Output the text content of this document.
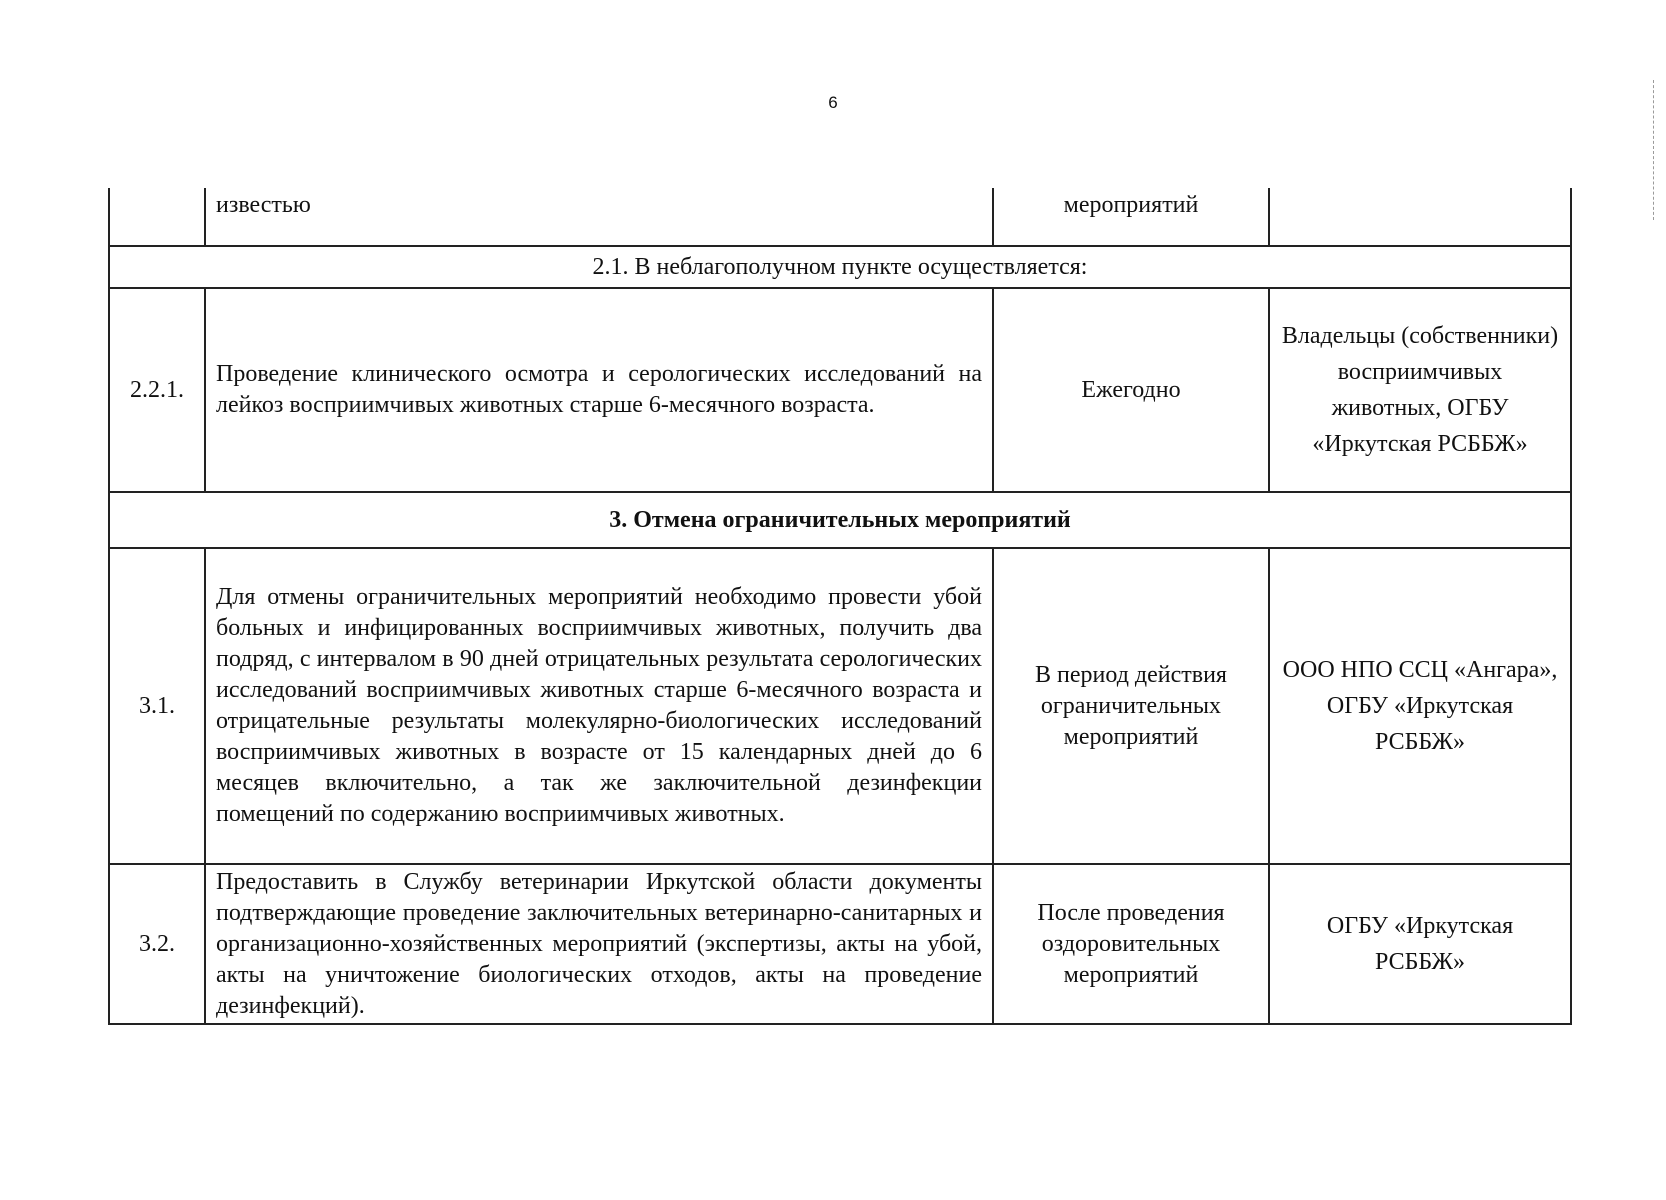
6
	известью	мероприятий	
2.1. В неблагополучном пункте осуществляется:			
2.2.1.	Проведение клинического осмотра и серологических исследований на лейкоз восприимчивых животных старше 6-месячного возраста.	Ежегодно	Владельцы (собственники) восприимчивых животных, ОГБУ «Иркутская РСББЖ»
3. Отмена ограничительных мероприятий			
3.1.	Для отмены ограничительных мероприятий необходимо провести убой больных и инфицированных восприимчивых животных, получить два подряд, с интервалом в 90 дней отрицательных результата серологических исследований восприимчивых животных старше 6-месячного возраста и отрицательные результаты молекулярно-биологических исследований восприимчивых животных в возрасте от 15 календарных дней до 6 месяцев включительно, а так же заключительной дезинфекции помещений по содержанию восприимчивых животных.	В период действия ограничительных мероприятий	ООО НПО ССЦ «Ангара», ОГБУ «Иркутская РСББЖ»
3.2.	Предоставить в Службу ветеринарии Иркутской области документы подтверждающие проведение заключительных ветеринарно-санитарных и организационно-хозяйственных мероприятий (экспертизы, акты на убой, акты на уничтожение биологических отходов, акты на проведение дезинфекций).	После проведения оздоровительных мероприятий	ОГБУ «Иркутская РСББЖ»
